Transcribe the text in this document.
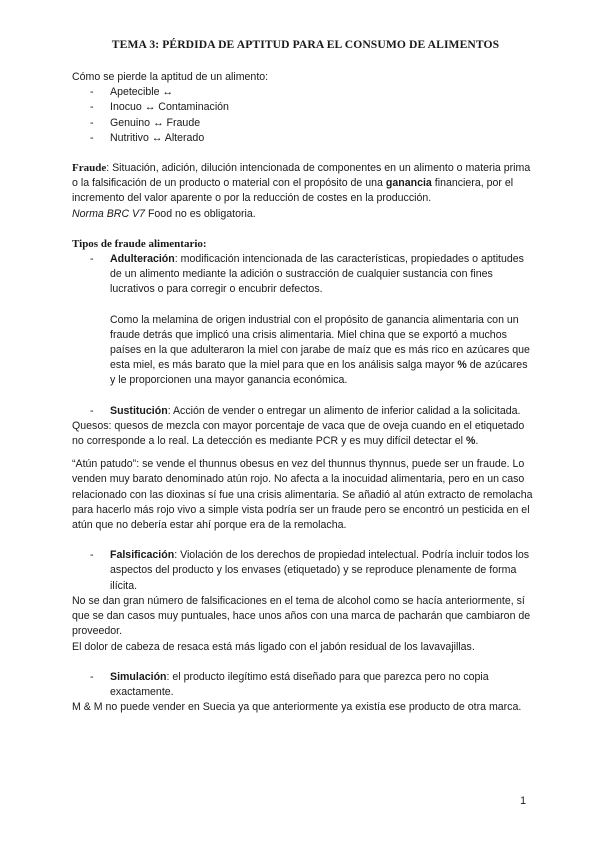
TEMA 3: PÉRDIDA DE APTITUD PARA EL CONSUMO DE ALIMENTOS

Cómo se pierde la aptitud de un alimento:

- Apetecible ↔
- Inocuo ↔ Contaminación
- Genuino ↔ Fraude
- Nutritivo ↔ Alterado

Fraude: Situación, adición, dilución intencionada de componentes en un alimento o materia prima o la falsificación de un producto o material con el propósito de una ganancia financiera, por el incremento del valor aparente o por la reducción de costes en la producción.

Norma BRC V7 Food no es obligatoria.

Tipos de fraude alimentario:

- Adulteración: modificación intencionada de las características, propiedades o aptitudes de un alimento mediante la adición o sustracción de cualquier sustancia con fines lucrativos o para corregir o encubrir defectos.

Como la melamina de origen industrial con el propósito de ganancia alimentaria con un fraude detrás que implicó una crisis alimentaria. Miel china que se exportó a muchos países en la que adulteraron la miel con jarabe de maíz que es más rico en azúcares que esta miel, es más barato que la miel para que en los análisis salga mayor % de azúcares y le proporcionen una mayor ganancia económica.

- Sustitución: Acción de vender o entregar un alimento de inferior calidad a la solicitada.

Quesos: quesos de mezcla con mayor porcentaje de vaca que de oveja cuando en el etiquetado no corresponde a lo real. La detección es mediante PCR y es muy difícil detectar el %.

“Atún patudo”: se vende el thunnus obesus en vez del thunnus thynnus, puede ser un fraude. Lo venden muy barato denominado atún rojo. No afecta a la inocuidad alimentaria, pero en un caso relacionado con las dioxinas sí fue una crisis alimentaria. Se añadió al atún extracto de remolacha para hacerlo más rojo vivo a simple vista podría ser un fraude pero se encontró un pesticida en el atún que no debería estar ahí porque era de la remolacha.

- Falsificación: Violación de los derechos de propiedad intelectual. Podría incluir todos los aspectos del producto y los envases (etiquetado) y se reproduce plenamente de forma ilícita.

No se dan gran número de falsificaciones en el tema de alcohol como se hacía anteriormente, sí que se dan casos muy puntuales, hace unos años con una marca de pacharán que cambiaron de proveedor.

El dolor de cabeza de resaca está más ligado con el jabón residual de los lavavajillas.

- Simulación: el producto ilegítimo está diseñado para que parezca pero no copia exactamente.

M & M no puede vender en Suecia ya que anteriormente ya existía ese producto de otra marca.

1
